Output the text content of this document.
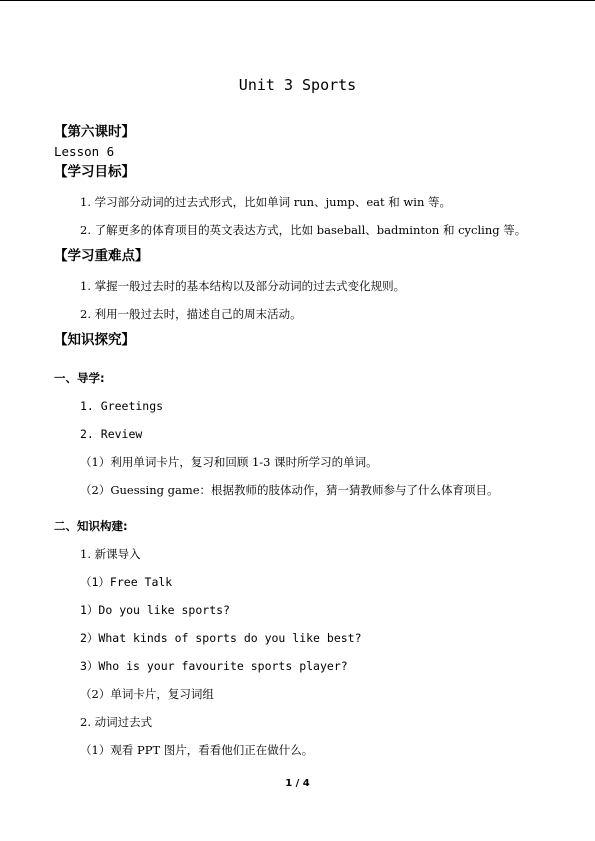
Unit 3 Sports
【第六课时】
Lesson 6
【学习目标】
1. 学习部分动词的过去式形式，比如单词 run、jump、eat 和 win 等。
2. 了解更多的体育项目的英文表达方式，比如 baseball、badminton 和 cycling 等。
【学习重难点】
1. 掌握一般过去时的基本结构以及部分动词的过去式变化规则。
2. 利用一般过去时，描述自己的周末活动。
【知识探究】
一、导学:
1. Greetings
2. Review
（1）利用单词卡片，复习和回顾 1-3 课时所学习的单词。
（2）Guessing game：根据教师的肢体动作，猜一猜教师参与了什么体育项目。
二、知识构建:
1. 新课导入
（1）Free Talk
1）Do you like sports?
2）What kinds of sports do you like best?
3）Who is your favourite sports player?
（2）单词卡片，复习词组
2. 动词过去式
（1）观看 PPT 图片，看看他们正在做什么。
1 / 4
